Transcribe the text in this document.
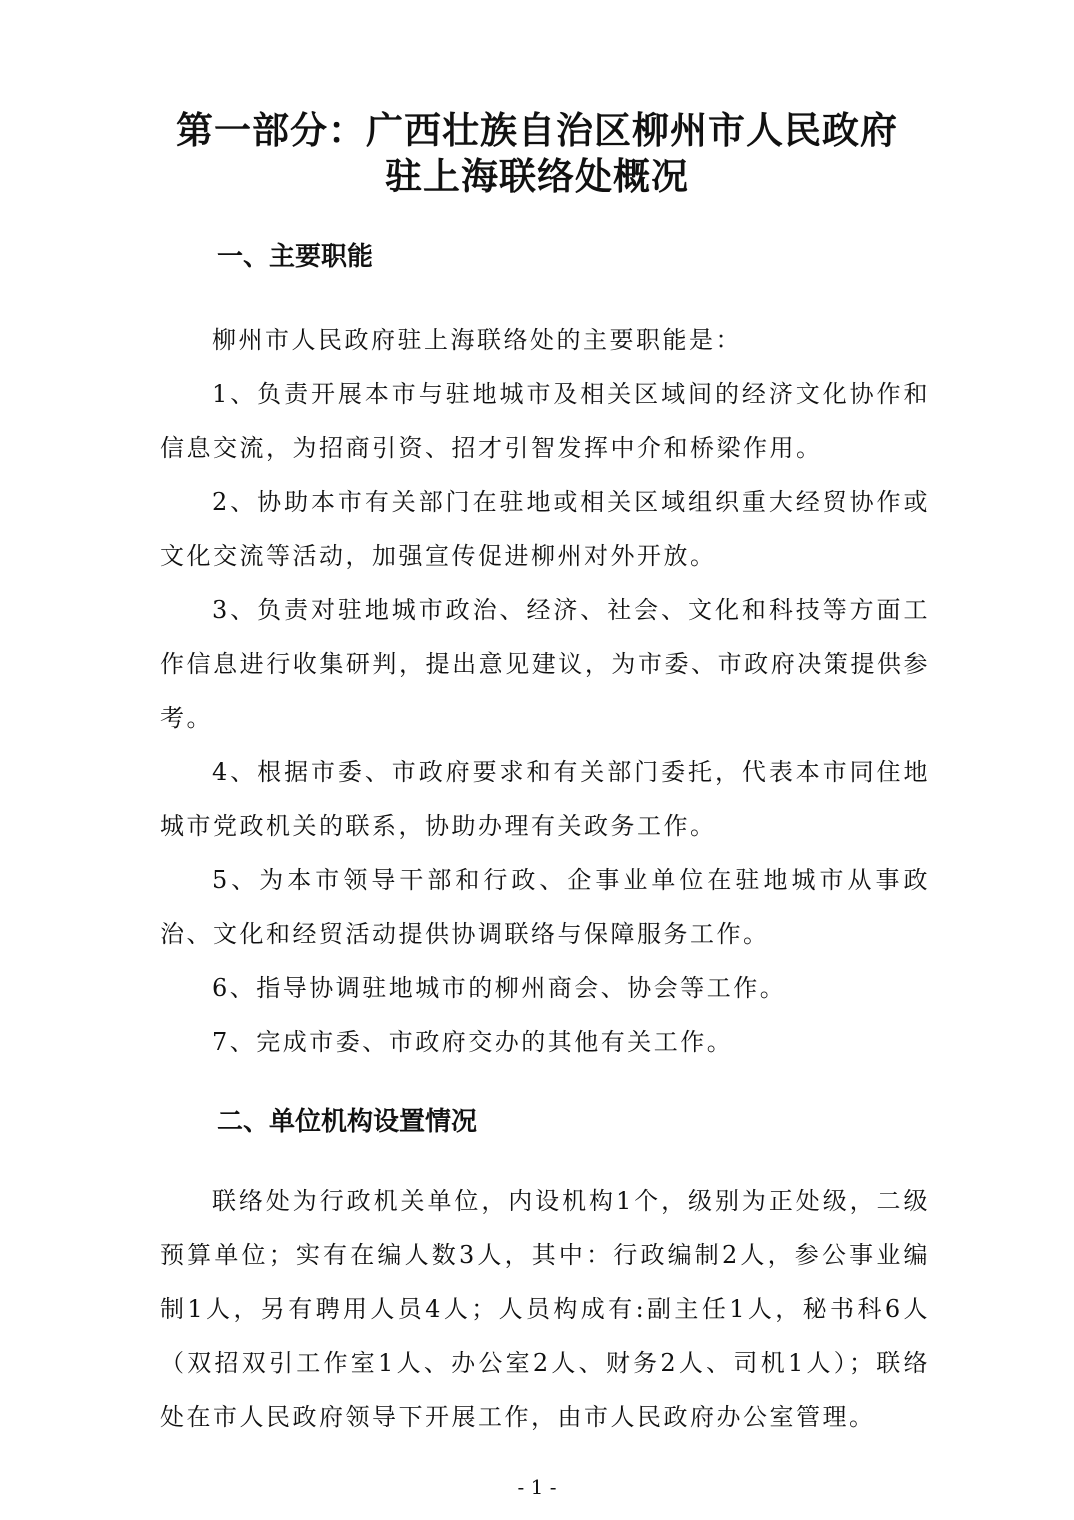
第一部分：广西壮族自治区柳州市人民政府
驻上海联络处概况
一、主要职能

柳州市人民政府驻上海联络处的主要职能是：

1、负责开展本市与驻地城市及相关区域间的经济文化协作和信息交流，为招商引资、招才引智发挥中介和桥梁作用。

2、协助本市有关部门在驻地或相关区域组织重大经贸协作或文化交流等活动，加强宣传促进柳州对外开放。

3、负责对驻地城市政治、经济、社会、文化和科技等方面工作信息进行收集研判，提出意见建议，为市委、市政府决策提供参考。

4、根据市委、市政府要求和有关部门委托，代表本市同住地城市党政机关的联系，协助办理有关政务工作。

5、为本市领导干部和行政、企事业单位在驻地城市从事政治、文化和经贸活动提供协调联络与保障服务工作。

6、指导协调驻地城市的柳州商会、协会等工作。

7、完成市委、市政府交办的其他有关工作。

二、单位机构设置情况

联络处为行政机关单位，内设机构1个，级别为正处级，二级预算单位；实有在编人数3人，其中：行政编制2人，参公事业编制1人，另有聘用人员4人；人员构成有:副主任1人，秘书科6人（双招双引工作室1人、办公室2人、财务2人、司机1人）；联络处在市人民政府领导下开展工作，由市人民政府办公室管理。

- 1 -
